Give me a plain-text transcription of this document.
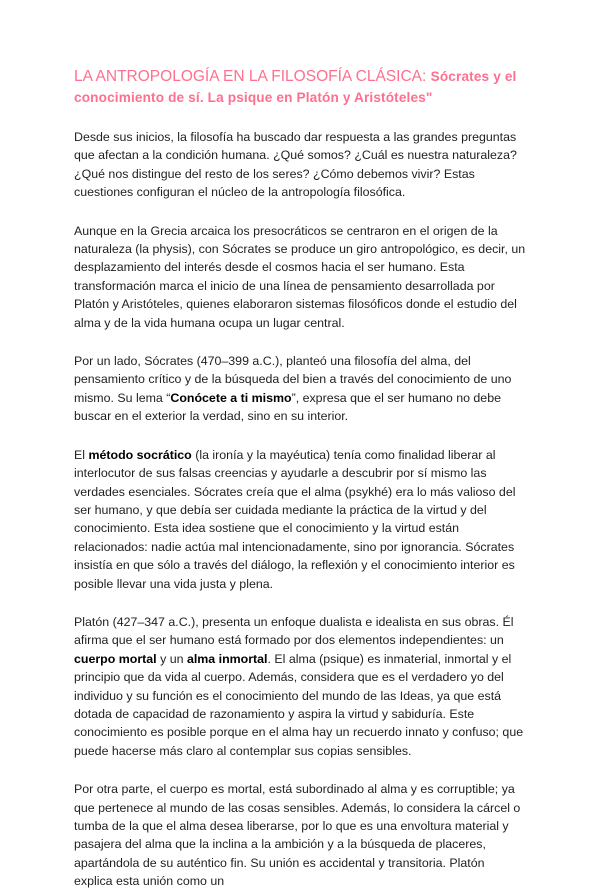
LA ANTROPOLOGÍA EN LA FILOSOFÍA CLÁSICA: Sócrates y el conocimiento de sí. La psique en Platón y Aristóteles"

Desde sus inicios, la filosofía ha buscado dar respuesta a las grandes preguntas que afectan a la condición humana. ¿Qué somos? ¿Cuál es nuestra naturaleza? ¿Qué nos distingue del resto de los seres? ¿Cómo debemos vivir? Estas cuestiones configuran el núcleo de la antropología filosófica.

Aunque en la Grecia arcaica los presocráticos se centraron en el origen de la naturaleza (la physis), con Sócrates se produce un giro antropológico, es decir, un desplazamiento del interés desde el cosmos hacia el ser humano. Esta transformación marca el inicio de una línea de pensamiento desarrollada por Platón y Aristóteles, quienes elaboraron sistemas filosóficos donde el estudio del alma y de la vida humana ocupa un lugar central.

Por un lado, Sócrates (470–399 a.C.), planteó una filosofía del alma, del pensamiento crítico y de la búsqueda del bien a través del conocimiento de uno mismo. Su lema “Conócete a ti mismo”, expresa que el ser humano no debe buscar en el exterior la verdad, sino en su interior.

El método socrático (la ironía y la mayéutica) tenía como finalidad liberar al interlocutor de sus falsas creencias y ayudarle a descubrir por sí mismo las verdades esenciales. Sócrates creía que el alma (psykhé) era lo más valioso del ser humano, y que debía ser cuidada mediante la práctica de la virtud y del conocimiento. Esta idea sostiene que el conocimiento y la virtud están relacionados: nadie actúa mal intencionadamente, sino por ignorancia. Sócrates insistía en que sólo a través del diálogo, la reflexión y el conocimiento interior es posible llevar una vida justa y plena.

Platón (427–347 a.C.), presenta un enfoque dualista e idealista en sus obras. Él afirma que el ser humano está formado por dos elementos independientes: un cuerpo mortal y un alma inmortal. El alma (psique) es inmaterial, inmortal y el principio que da vida al cuerpo. Además, considera que es el verdadero yo del individuo y su función es el conocimiento del mundo de las Ideas, ya que está dotada de capacidad de razonamiento y aspira la virtud y sabiduría. Este conocimiento es posible porque en el alma hay un recuerdo innato y confuso; que puede hacerse más claro al contemplar sus copias sensibles.

Por otra parte, el cuerpo es mortal, está subordinado al alma y es corruptible; ya que pertenece al mundo de las cosas sensibles. Además, lo considera la cárcel o tumba de la que el alma desea liberarse, por lo que es una envoltura material y pasajera del alma que la inclina a la ambición y a la búsqueda de placeres, apartándola de su auténtico fin. Su unión es accidental y transitoria. Platón explica esta unión como un
